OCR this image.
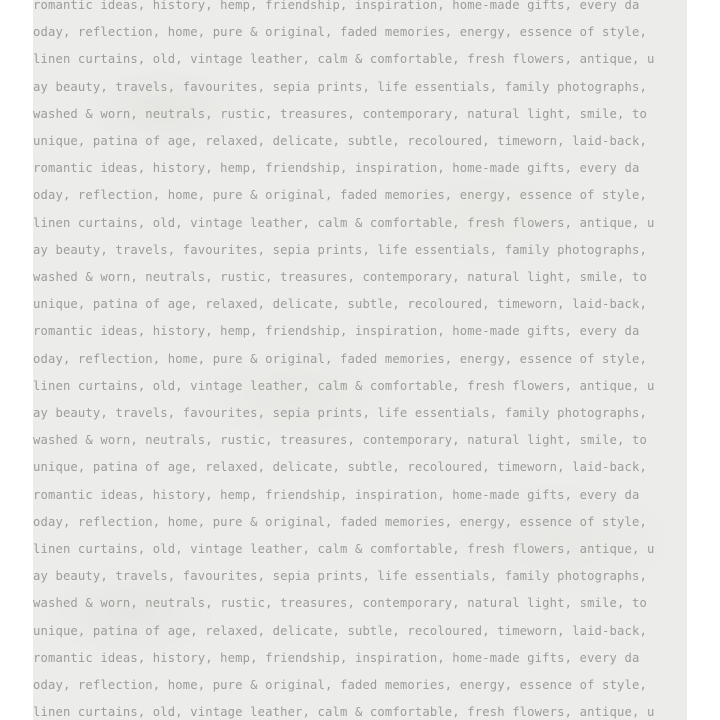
romantic ideas, history, hemp, friendship, inspiration, home-made gifts, every da
oday, reflection, home, pure & original, faded memories, energy, essence of style,
linen curtains, old, vintage leather, calm & comfortable, fresh flowers, antique, u
ay beauty, travels, favourites, sepia prints, life essentials, family photographs,
washed & worn, neutrals, rustic, treasures, contemporary, natural light, smile, to
unique, patina of age, relaxed, delicate, subtle, recoloured, timeworn, laid-back,
romantic ideas, history, hemp, friendship, inspiration, home-made gifts, every da
oday, reflection, home, pure & original, faded memories, energy, essence of style,
linen curtains, old, vintage leather, calm & comfortable, fresh flowers, antique, u
ay beauty, travels, favourites, sepia prints, life essentials, family photographs,
washed & worn, neutrals, rustic, treasures, contemporary, natural light, smile, to
unique, patina of age, relaxed, delicate, subtle, recoloured, timeworn, laid-back,
romantic ideas, history, hemp, friendship, inspiration, home-made gifts, every da
oday, reflection, home, pure & original, faded memories, energy, essence of style,
linen curtains, old, vintage leather, calm & comfortable, fresh flowers, antique, u
ay beauty, travels, favourites, sepia prints, life essentials, family photographs,
washed & worn, neutrals, rustic, treasures, contemporary, natural light, smile, to
unique, patina of age, relaxed, delicate, subtle, recoloured, timeworn, laid-back,
romantic ideas, history, hemp, friendship, inspiration, home-made gifts, every da
oday, reflection, home, pure & original, faded memories, energy, essence of style,
linen curtains, old, vintage leather, calm & comfortable, fresh flowers, antique, u
ay beauty, travels, favourites, sepia prints, life essentials, family photographs,
washed & worn, neutrals, rustic, treasures, contemporary, natural light, smile, to
unique, patina of age, relaxed, delicate, subtle, recoloured, timeworn, laid-back,
romantic ideas, history, hemp, friendship, inspiration, home-made gifts, every da
oday, reflection, home, pure & original, faded memories, energy, essence of style,
linen curtains, old, vintage leather, calm & comfortable, fresh flowers, antique, u
